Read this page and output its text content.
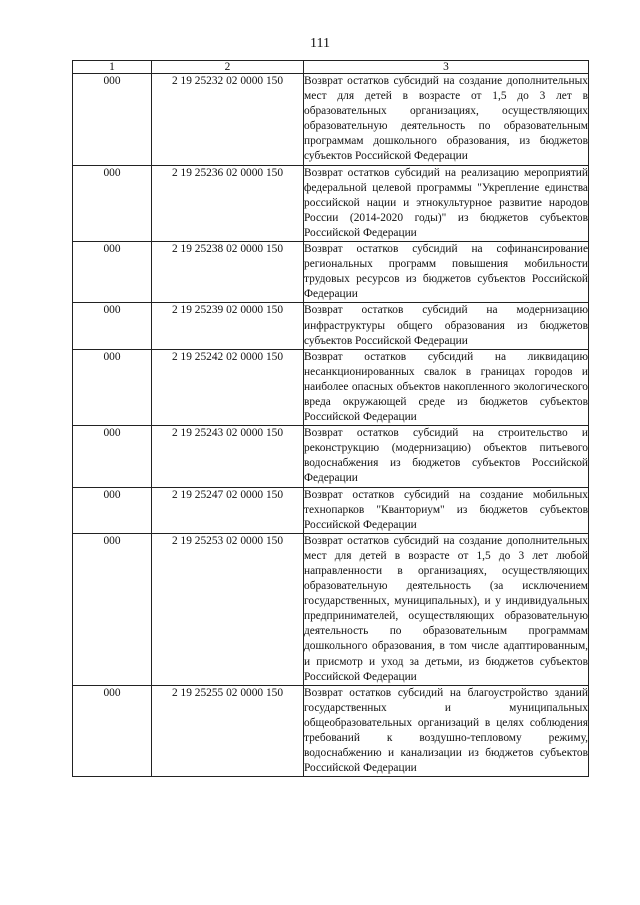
111
1	2	3
000	2 19 25232 02 0000 150	Возврат остатков субсидий на создание дополнительных мест для детей в возрасте от 1,5 до 3 лет в образовательных организациях, осуществляющих образовательную деятельность по образовательным программам дошкольного образования, из бюджетов субъектов Российской Федерации
000	2 19 25236 02 0000 150	Возврат остатков субсидий на реализацию мероприятий федеральной целевой программы "Укрепление единства российской нации и этнокультурное развитие народов России (2014-2020 годы)" из бюджетов субъектов Российской Федерации
000	2 19 25238 02 0000 150	Возврат остатков субсидий на софинансирование региональных программ повышения мобильности трудовых ресурсов из бюджетов субъектов Российской Федерации
000	2 19 25239 02 0000 150	Возврат остатков субсидий на модернизацию инфраструктуры общего образования из бюджетов субъектов Российской Федерации
000	2 19 25242 02 0000 150	Возврат остатков субсидий на ликвидацию несанкционированных свалок в границах городов и наиболее опасных объектов накопленного экологического вреда окружающей среде из бюджетов субъектов Российской Федерации
000	2 19 25243 02 0000 150	Возврат остатков субсидий на строительство и реконструкцию (модернизацию) объектов питьевого водоснабжения из бюджетов субъектов Российской Федерации
000	2 19 25247 02 0000 150	Возврат остатков субсидий на создание мобильных технопарков "Кванториум" из бюджетов субъектов Российской Федерации
000	2 19 25253 02 0000 150	Возврат остатков субсидий на создание дополнительных мест для детей в возрасте от 1,5 до 3 лет любой направленности в организациях, осуществляющих образовательную деятельность (за исключением государственных, муниципальных), и у индивидуальных предпринимателей, осуществляющих образовательную деятельность по образовательным программам дошкольного образования, в том числе адаптированным, и присмотр и уход за детьми, из бюджетов субъектов Российской Федерации
000	2 19 25255 02 0000 150	Возврат остатков субсидий на благоустройство зданий государственных и муниципальных общеобразовательных организаций в целях соблюдения требований к воздушно-тепловому режиму, водоснабжению и канализации из бюджетов субъектов Российской Федерации
